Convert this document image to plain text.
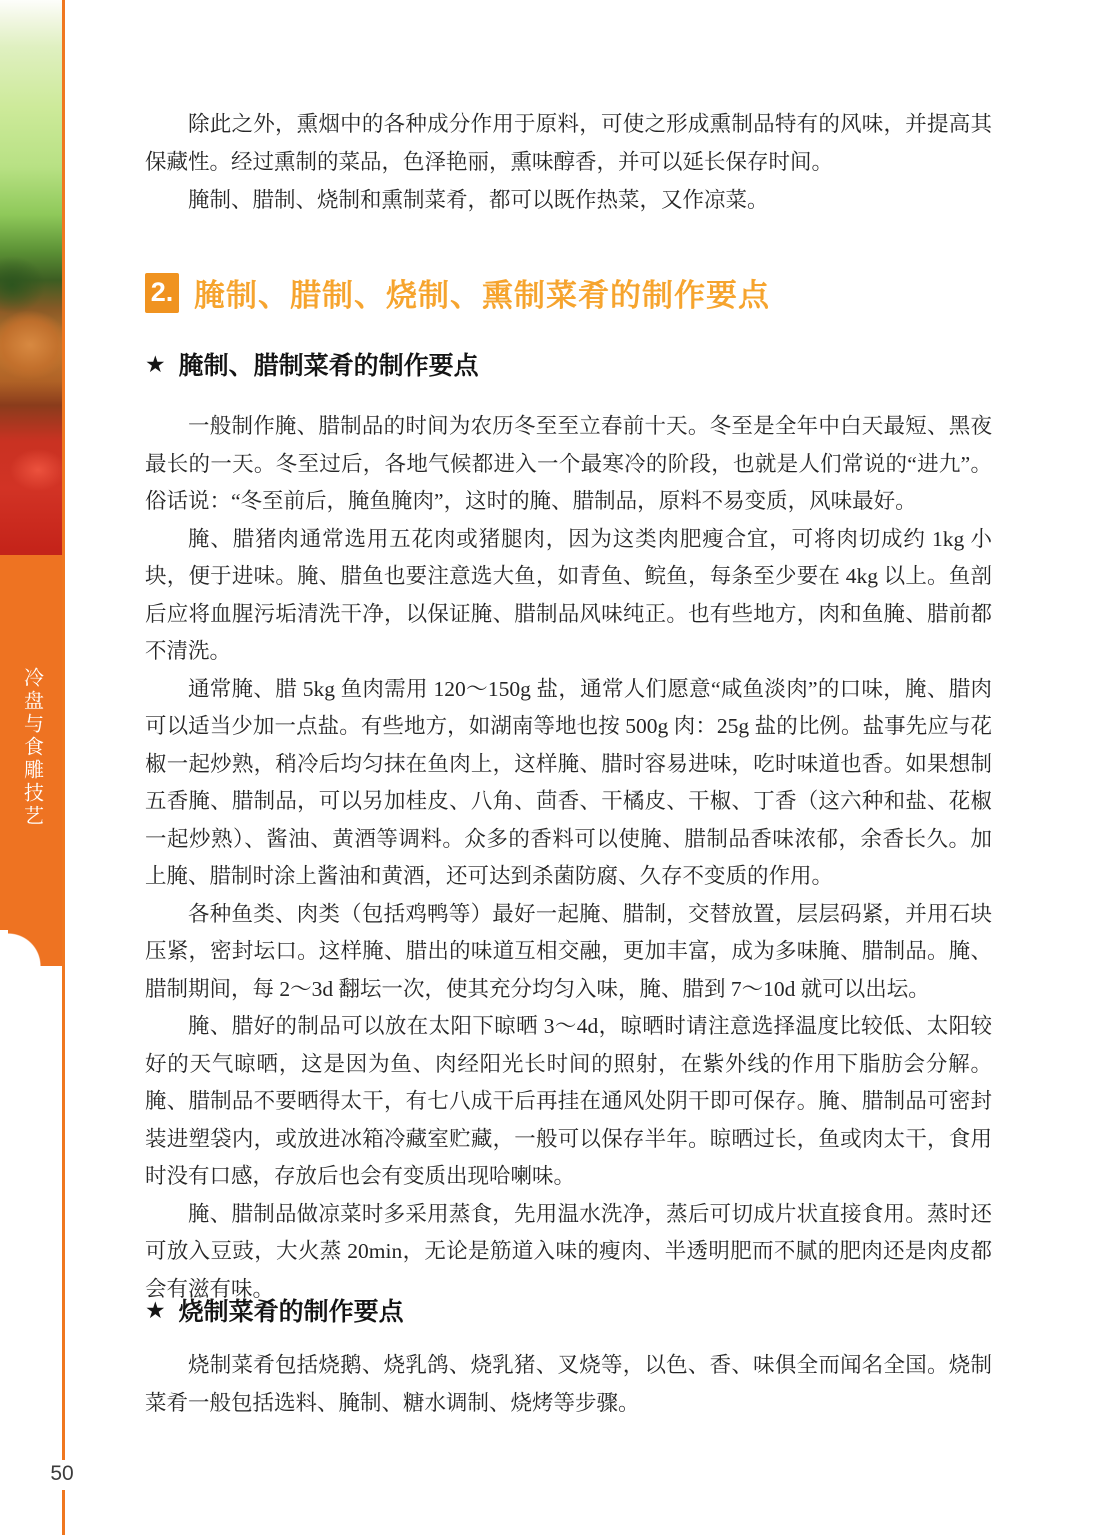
冷盘与食雕技艺
50

除此之外，熏烟中的各种成分作用于原料，可使之形成熏制品特有的风味，并提高其保藏性。经过熏制的菜品，色泽艳丽，熏味醇香，并可以延长保存时间。

腌制、腊制、烧制和熏制菜肴，都可以既作热菜，又作凉菜。

2. 腌制、腊制、烧制、熏制菜肴的制作要点
★ 腌制、腊制菜肴的制作要点

一般制作腌、腊制品的时间为农历冬至至立春前十天。冬至是全年中白天最短、黑夜最长的一天。冬至过后，各地气候都进入一个最寒冷的阶段，也就是人们常说的“进九”。俗话说：“冬至前后，腌鱼腌肉”，这时的腌、腊制品，原料不易变质，风味最好。

腌、腊猪肉通常选用五花肉或猪腿肉，因为这类肉肥瘦合宜，可将肉切成约 1kg 小块，便于进味。腌、腊鱼也要注意选大鱼，如青鱼、鲩鱼，每条至少要在 4kg 以上。鱼剖后应将血腥污垢清洗干净，以保证腌、腊制品风味纯正。也有些地方，肉和鱼腌、腊前都不清洗。

通常腌、腊 5kg 鱼肉需用 120～150g 盐，通常人们愿意“咸鱼淡肉”的口味，腌、腊肉可以适当少加一点盐。有些地方，如湖南等地也按 500g 肉：25g 盐的比例。盐事先应与花椒一起炒熟，稍冷后均匀抹在鱼肉上，这样腌、腊时容易进味，吃时味道也香。如果想制五香腌、腊制品，可以另加桂皮、八角、茴香、干橘皮、干椒、丁香（这六种和盐、花椒一起炒熟）、酱油、黄酒等调料。众多的香料可以使腌、腊制品香味浓郁，余香长久。加上腌、腊制时涂上酱油和黄酒，还可达到杀菌防腐、久存不变质的作用。

各种鱼类、肉类（包括鸡鸭等）最好一起腌、腊制，交替放置，层层码紧，并用石块压紧，密封坛口。这样腌、腊出的味道互相交融，更加丰富，成为多味腌、腊制品。腌、腊制期间，每 2～3d 翻坛一次，使其充分均匀入味，腌、腊到 7～10d 就可以出坛。

腌、腊好的制品可以放在太阳下晾晒 3～4d，晾晒时请注意选择温度比较低、太阳较好的天气晾晒，这是因为鱼、肉经阳光长时间的照射，在紫外线的作用下脂肪会分解。腌、腊制品不要晒得太干，有七八成干后再挂在通风处阴干即可保存。腌、腊制品可密封装进塑袋内，或放进冰箱冷藏室贮藏，一般可以保存半年。晾晒过长，鱼或肉太干，食用时没有口感，存放后也会有变质出现哈喇味。

腌、腊制品做凉菜时多采用蒸食，先用温水洗净，蒸后可切成片状直接食用。蒸时还可放入豆豉，大火蒸 20min，无论是筋道入味的瘦肉、半透明肥而不腻的肥肉还是肉皮都会有滋有味。

★ 烧制菜肴的制作要点

烧制菜肴包括烧鹅、烧乳鸽、烧乳猪、叉烧等，以色、香、味俱全而闻名全国。烧制菜肴一般包括选料、腌制、糖水调制、烧烤等步骤。
